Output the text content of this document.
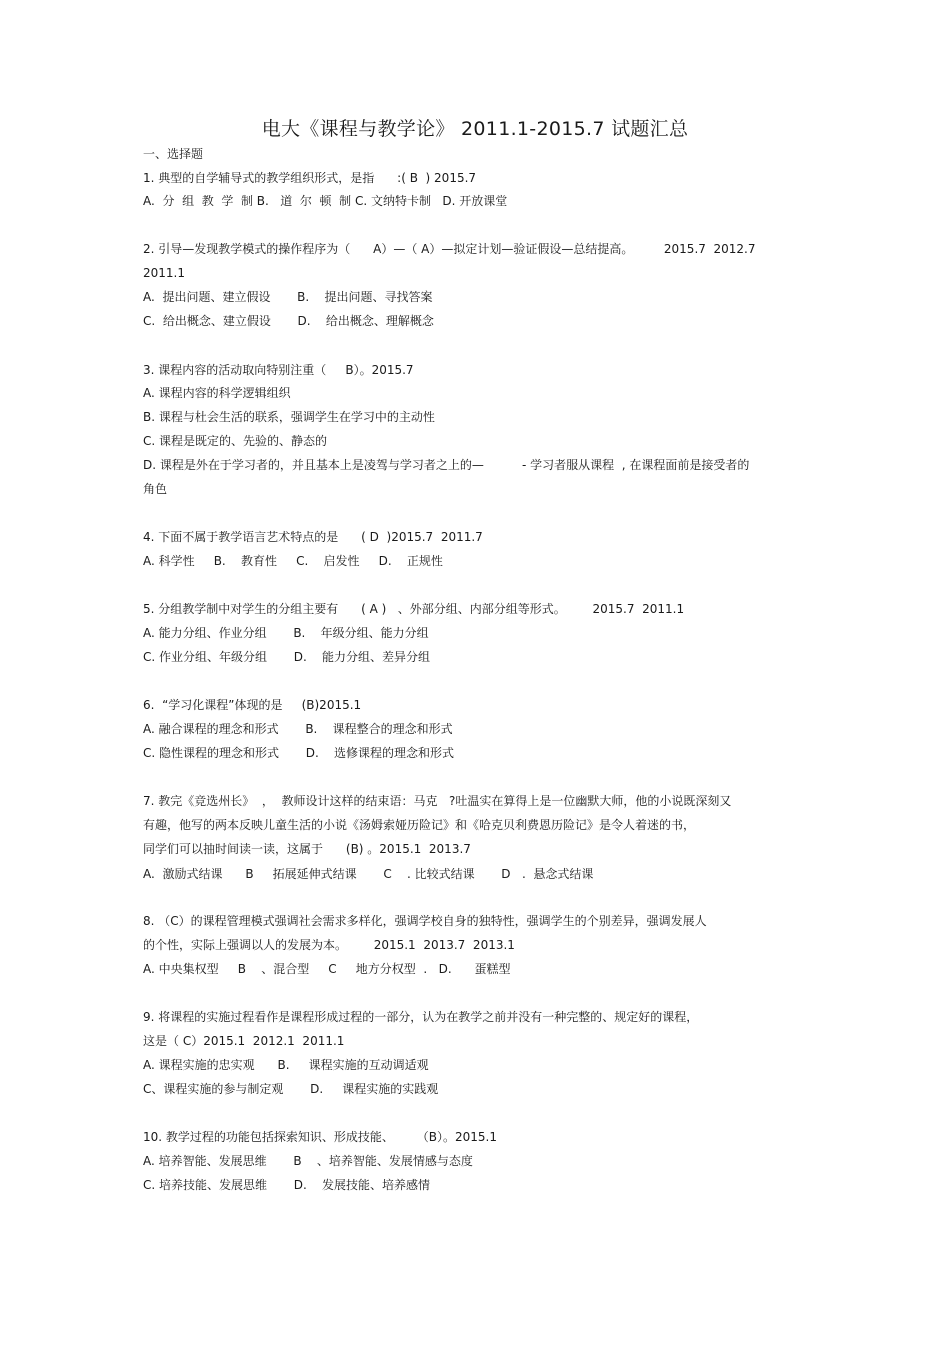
电大《课程与教学论》 2011.1-2015.7 试题汇总
一、选择题
1. 典型的自学辅导式的教学组织形式，是指      :( B  ) 2015.7
A.  分  组  教  学  制 B.   道  尔  顿  制 C. 文纳特卡制   D. 开放课堂
2. 引导—发现教学模式的操作程序为（      A）—（ A）—拟定计划—验证假设—总结提高。        2015.7  2012.7
2011.1
A.  提出问题、建立假设       B.    提出问题、寻找答案
C.  给出概念、建立假设       D.    给出概念、理解概念
3. 课程内容的活动取向特别注重（     B）。2015.7
A. 课程内容的科学逻辑组织
B. 课程与杜会生活的联系，强调学生在学习中的主动性
C. 课程是既定的、先验的、静态的
D. 课程是外在于学习者的，并且基本上是凌驾与学习者之上的—          - 学习者服从课程  , 在课程面前是接受者的
角色
4. 下面不属于教学语言艺术特点的是      ( D  )2015.7  2011.7
A. 科学性     B.    教育性     C.    启发性     D.    正规性
5. 分组教学制中对学生的分组主要有      ( A )   、外部分组、内部分组等形式。       2015.7  2011.1
A. 能力分组、作业分组       B.    年级分组、能力分组
C. 作业分组、年级分组       D.    能力分组、差异分组
6.  “学习化课程”体现的是     (B)2015.1
A. 融合课程的理念和形式       B.    课程整合的理念和形式
C. 隐性课程的理念和形式       D.    选修课程的理念和形式
7. 教完《竞选州长》  ，  教师设计这样的结束语：马克   ?吐温实在算得上是一位幽默大师，他的小说既深刻又
有趣，他写的两本反映儿童生活的小说《汤姆索娅历险记》和《哈克贝利费恩历险记》是令人着迷的书，
同学们可以抽时间读一读，这属于      (B) 。2015.1  2013.7
A.  激励式结课      B     拓展延伸式结课       C    . 比较式结课       D   .  悬念式结课
8. （C）的课程管理模式强调社会需求多样化，强调学校自身的独特性，强调学生的个别差异，强调发展人
的个性，实际上强调以人的发展为本。       2015.1  2013.7  2013.1
A. 中央集权型     B    、混合型     C     地方分权型  .   D.      蛋糕型
9. 将课程的实施过程看作是课程形成过程的一部分，认为在教学之前并没有一种完整的、规定好的课程，
这是（ C）2015.1  2012.1  2011.1
A. 课程实施的忠实观      B.     课程实施的互动调适观
C、课程实施的参与制定观       D.     课程实施的实践观
10. 教学过程的功能包括探索知识、形成技能、      （B）。2015.1
A. 培养智能、发展思维       B    、培养智能、发展情感与态度
C. 培养技能、发展思维       D.    发展技能、培养感情
